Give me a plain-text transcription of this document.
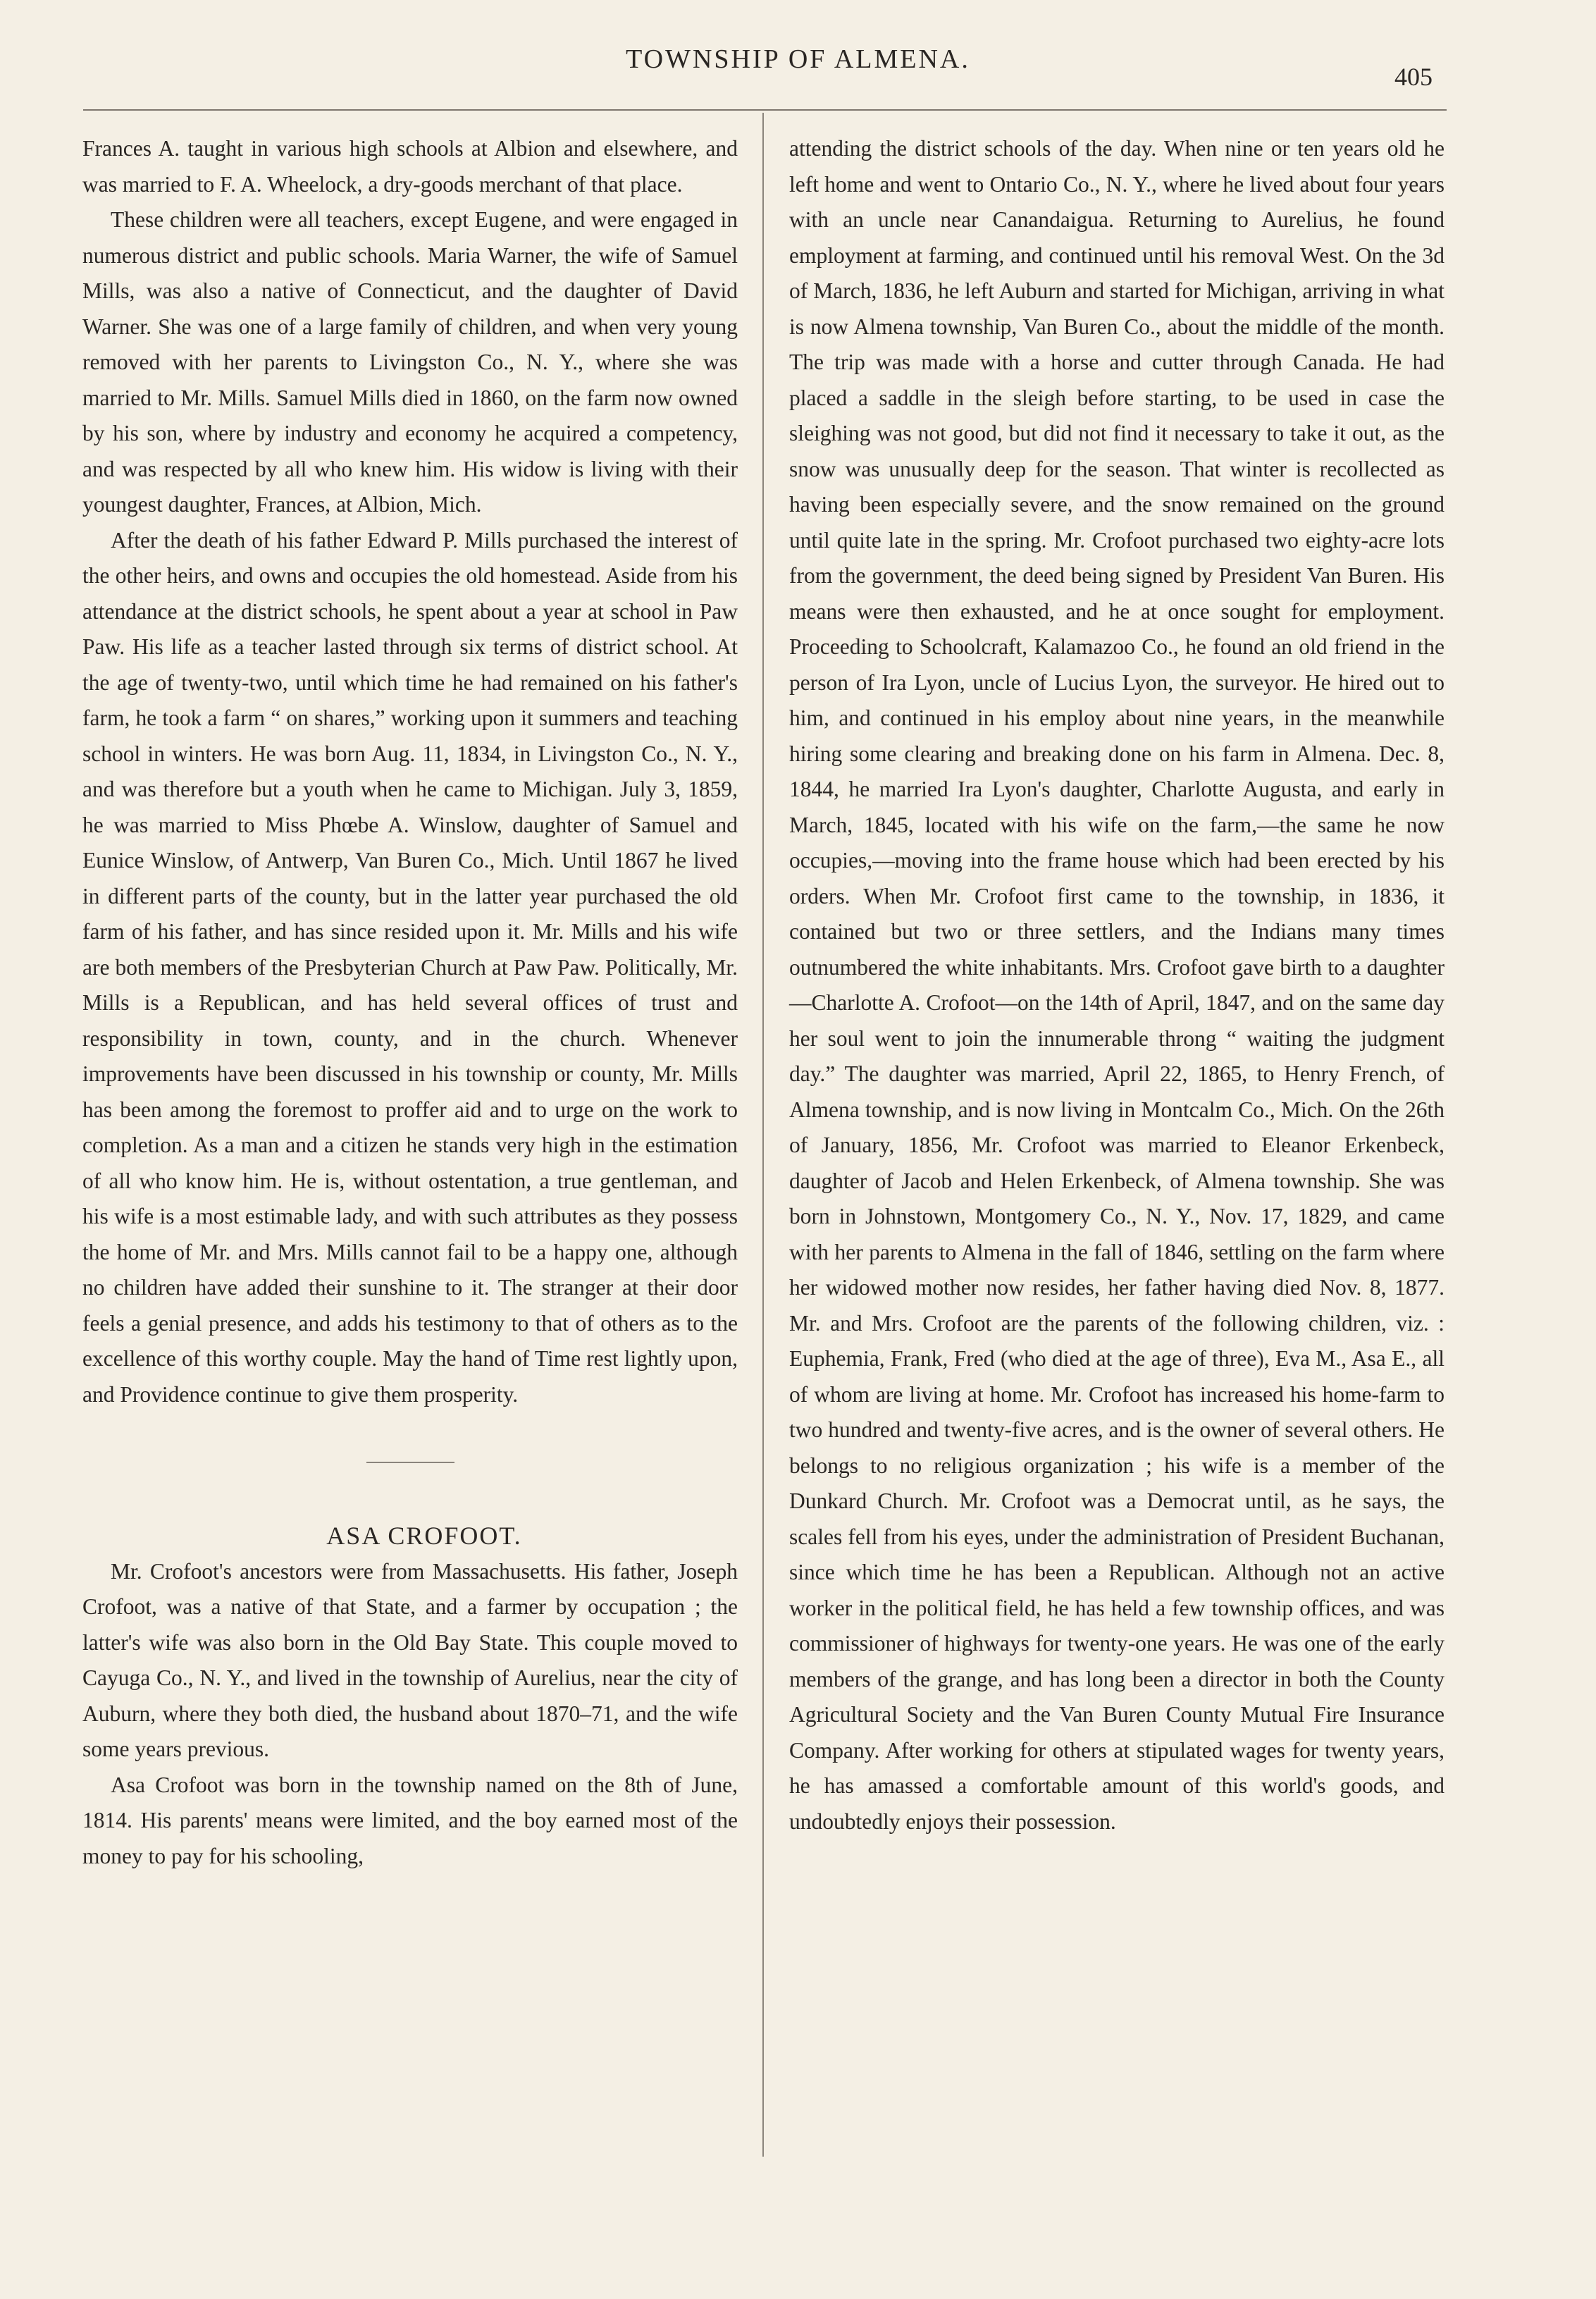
TOWNSHIP OF ALMENA.
405

Frances A. taught in various high schools at Albion and elsewhere, and was married to F. A. Wheelock, a dry-goods merchant of that place.

These children were all teachers, except Eugene, and were engaged in numerous district and public schools. Maria Warner, the wife of Samuel Mills, was also a native of Connecticut, and the daughter of David Warner. She was one of a large family of children, and when very young removed with her parents to Livingston Co., N. Y., where she was married to Mr. Mills. Samuel Mills died in 1860, on the farm now owned by his son, where by industry and economy he acquired a competency, and was respected by all who knew him. His widow is living with their youngest daughter, Frances, at Albion, Mich.

After the death of his father Edward P. Mills purchased the interest of the other heirs, and owns and occupies the old homestead. Aside from his attendance at the district schools, he spent about a year at school in Paw Paw. His life as a teacher lasted through six terms of district school. At the age of twenty-two, until which time he had remained on his father's farm, he took a farm “ on shares,” working upon it summers and teaching school in winters. He was born Aug. 11, 1834, in Livingston Co., N. Y., and was therefore but a youth when he came to Michigan. July 3, 1859, he was married to Miss Phœbe A. Winslow, daughter of Samuel and Eunice Winslow, of Antwerp, Van Buren Co., Mich. Until 1867 he lived in different parts of the county, but in the latter year purchased the old farm of his father, and has since resided upon it. Mr. Mills and his wife are both members of the Presbyterian Church at Paw Paw. Politically, Mr. Mills is a Republican, and has held several offices of trust and responsibility in town, county, and in the church. Whenever improvements have been discussed in his township or county, Mr. Mills has been among the foremost to proffer aid and to urge on the work to completion. As a man and a citizen he stands very high in the estimation of all who know him. He is, without ostentation, a true gentleman, and his wife is a most estimable lady, and with such attributes as they possess the home of Mr. and Mrs. Mills cannot fail to be a happy one, although no children have added their sunshine to it. The stranger at their door feels a genial presence, and adds his testimony to that of others as to the excellence of this worthy couple. May the hand of Time rest lightly upon, and Providence continue to give them prosperity.

ASA CROFOOT.

Mr. Crofoot's ancestors were from Massachusetts. His father, Joseph Crofoot, was a native of that State, and a farmer by occupation ; the latter's wife was also born in the Old Bay State. This couple moved to Cayuga Co., N. Y., and lived in the township of Aurelius, near the city of Auburn, where they both died, the husband about 1870–71, and the wife some years previous.

Asa Crofoot was born in the township named on the 8th of June, 1814. His parents' means were limited, and the boy earned most of the money to pay for his schooling,

attending the district schools of the day. When nine or ten years old he left home and went to Ontario Co., N. Y., where he lived about four years with an uncle near Canandaigua. Returning to Aurelius, he found employment at farming, and continued until his removal West. On the 3d of March, 1836, he left Auburn and started for Michigan, arriving in what is now Almena township, Van Buren Co., about the middle of the month. The trip was made with a horse and cutter through Canada. He had placed a saddle in the sleigh before starting, to be used in case the sleighing was not good, but did not find it necessary to take it out, as the snow was unusually deep for the season. That winter is recollected as having been especially severe, and the snow remained on the ground until quite late in the spring. Mr. Crofoot purchased two eighty-acre lots from the government, the deed being signed by President Van Buren. His means were then exhausted, and he at once sought for employment. Proceeding to Schoolcraft, Kalamazoo Co., he found an old friend in the person of Ira Lyon, uncle of Lucius Lyon, the surveyor. He hired out to him, and continued in his employ about nine years, in the meanwhile hiring some clearing and breaking done on his farm in Almena. Dec. 8, 1844, he married Ira Lyon's daughter, Charlotte Augusta, and early in March, 1845, located with his wife on the farm,—the same he now occupies,—moving into the frame house which had been erected by his orders. When Mr. Crofoot first came to the township, in 1836, it contained but two or three settlers, and the Indians many times outnumbered the white inhabitants. Mrs. Crofoot gave birth to a daughter —Charlotte A. Crofoot—on the 14th of April, 1847, and on the same day her soul went to join the innumerable throng “ waiting the judgment day.” The daughter was married, April 22, 1865, to Henry French, of Almena township, and is now living in Montcalm Co., Mich. On the 26th of January, 1856, Mr. Crofoot was married to Eleanor Erkenbeck, daughter of Jacob and Helen Erkenbeck, of Almena township. She was born in Johnstown, Montgomery Co., N. Y., Nov. 17, 1829, and came with her parents to Almena in the fall of 1846, settling on the farm where her widowed mother now resides, her father having died Nov. 8, 1877. Mr. and Mrs. Crofoot are the parents of the following children, viz. : Euphemia, Frank, Fred (who died at the age of three), Eva M., Asa E., all of whom are living at home. Mr. Crofoot has increased his home-farm to two hundred and twenty-five acres, and is the owner of several others. He belongs to no religious organization ; his wife is a member of the Dunkard Church. Mr. Crofoot was a Democrat until, as he says, the scales fell from his eyes, under the administration of President Buchanan, since which time he has been a Republican. Although not an active worker in the political field, he has held a few township offices, and was commissioner of highways for twenty-one years. He was one of the early members of the grange, and has long been a director in both the County Agricultural Society and the Van Buren County Mutual Fire Insurance Company. After working for others at stipulated wages for twenty years, he has amassed a comfortable amount of this world's goods, and undoubtedly enjoys their possession.
